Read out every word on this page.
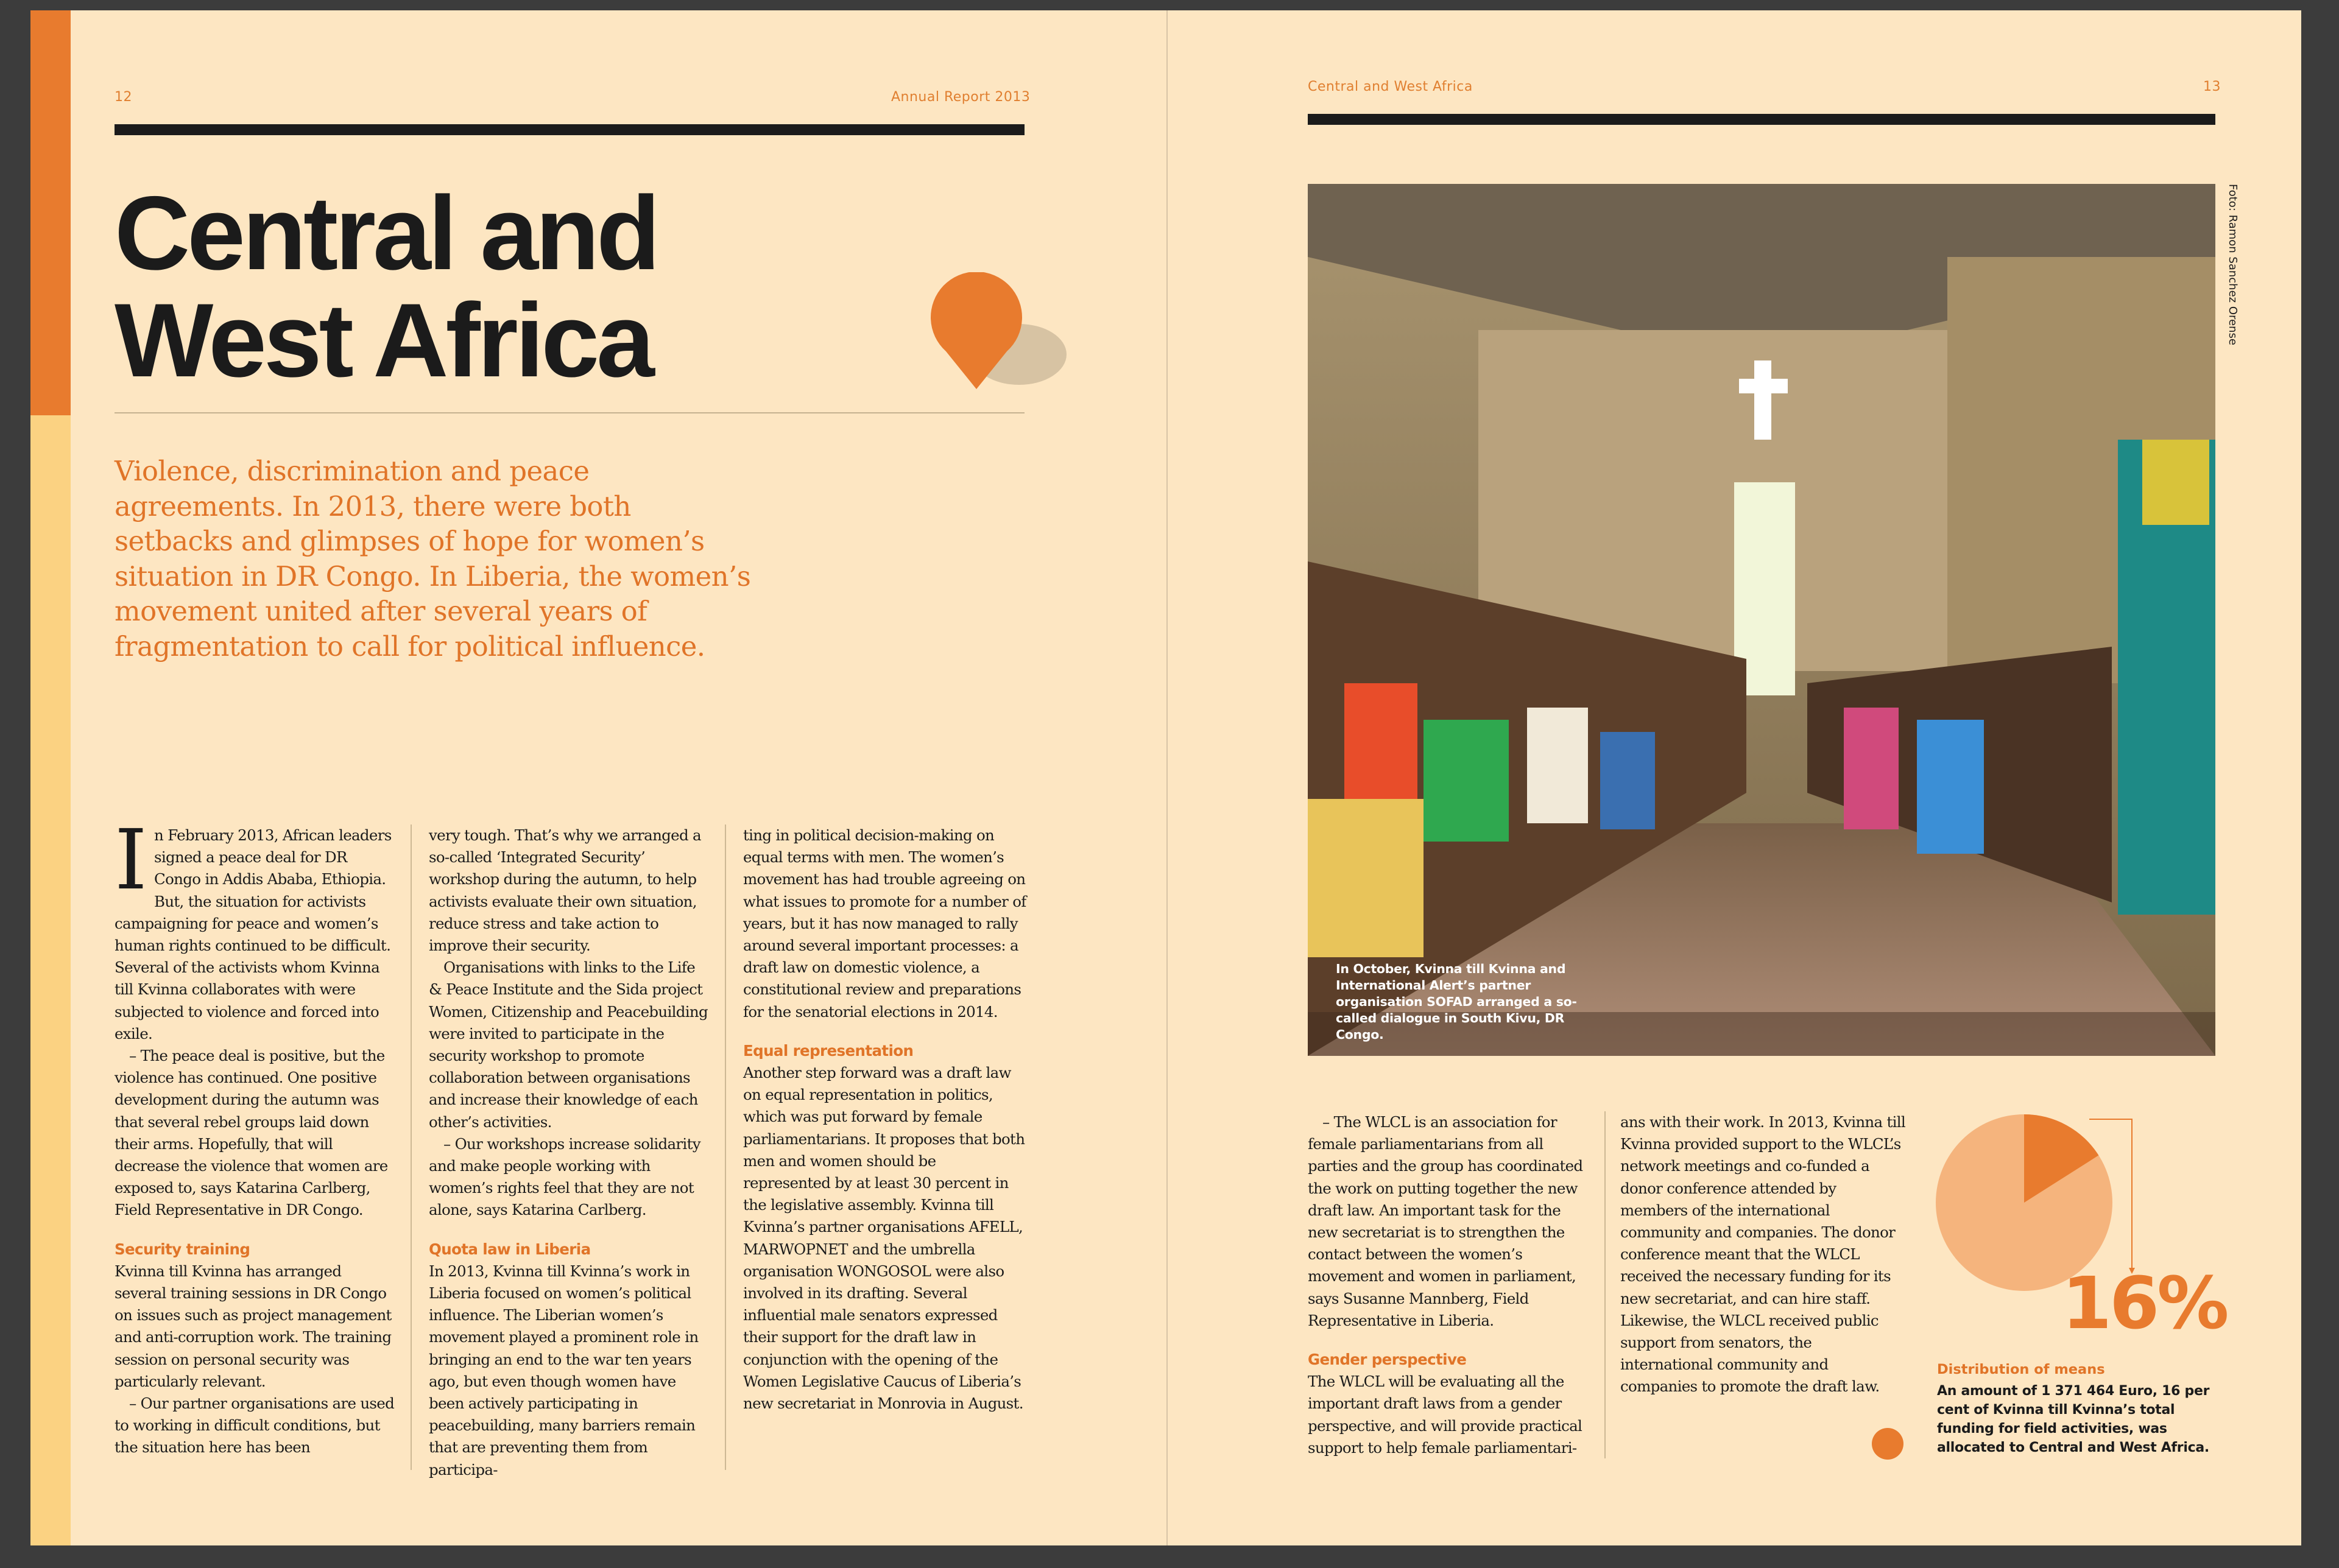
12	Annual Report 2013
Central and
West Africa

Violence, discrimination and peace agreements. In 2013, there were both setbacks and glimpses of hope for women’s situation in DR Congo. In Liberia, the women’s movement united after several years of fragmentation to call for political influence.

In February 2013, African leaders signed a peace deal for DR Congo in Addis Ababa, Ethiopia. But, the situation for activists campaigning for peace and women’s human rights continued to be difficult. Several of the activists whom Kvinna till Kvinna collaborates with were subjected to violence and forced into exile.

– The peace deal is positive, but the violence has continued. One positive development during the autumn was that several rebel groups laid down their arms. Hopefully, that will decrease the violence that women are exposed to, says Katarina Carlberg, Field Representative in DR Congo.

Security training

Kvinna till Kvinna has arranged several training sessions in DR Congo on issues such as project management and anti-corruption work. The training session on personal security was particularly relevant.

– Our partner organisations are used to working in difficult conditions, but the situation here has been

very tough. That’s why we arranged a so-called ‘Integrated Security’ workshop during the autumn, to help activists evaluate their own situation, reduce stress and take action to improve their security.

Organisations with links to the Life & Peace Institute and the Sida project Women, Citizenship and Peacebuilding were invited to participate in the security workshop to promote collaboration between organisations and increase their knowledge of each other’s activities.

– Our workshops increase solidarity and make people working with women’s rights feel that they are not alone, says Katarina Carlberg.

Quota law in Liberia

In 2013, Kvinna till Kvinna’s work in Liberia focused on women’s political influence. The Liberian women’s movement played a prominent role in bringing an end to the war ten years ago, but even though women have been actively participating in peacebuilding, many barriers remain that are preventing them from participa-

ting in political decision-making on equal terms with men. The women’s movement has had trouble agreeing on what issues to promote for a number of years, but it has now managed to rally around several important processes: a draft law on domestic violence, a constitutional review and preparations for the senatorial elections in 2014.

Equal representation

Another step forward was a draft law on equal representation in politics, which was put forward by female parliamentarians. It proposes that both men and women should be represented by at least 30 percent in the legislative assembly. Kvinna till Kvinna’s partner organisations AFELL, MARWOPNET and the umbrella organisation WONGOSOL were also involved in its drafting. Several influential male senators expressed their support for the draft law in conjunction with the opening of the Women Legislative Caucus of Liberia’s new secretariat in Monrovia in August.

Central and West Africa	13
In October, Kvinna till Kvinna and International Alert’s partner organisation SOFAD arranged a so-called dialogue in South Kivu, DR Congo.
Foto: Ramon Sanchez Orense

– The WLCL is an association for female parliamentarians from all parties and the group has coordinated the work on putting together the new draft law. An important task for the new secretariat is to strengthen the contact between the women’s movement and women in parliament, says Susanne Mannberg, Field Representative in Liberia.

Gender perspective

The WLCL will be evaluating all the important draft laws from a gender perspective, and will provide practical support to help female parliamentari-

ans with their work. In 2013, Kvinna till Kvinna provided support to the WLCL’s network meetings and co-funded a donor conference attended by members of the international community and companies. The donor conference meant that the WLCL received the necessary funding for its new secretariat, and can hire staff. Likewise, the WLCL received public support from senators, the international community and companies to promote the draft law.

16%
Distribution of means
An amount of 1 371 464 Euro, 16 per cent of Kvinna till Kvinna’s total funding for field activities, was allocated to Central and West Africa.
